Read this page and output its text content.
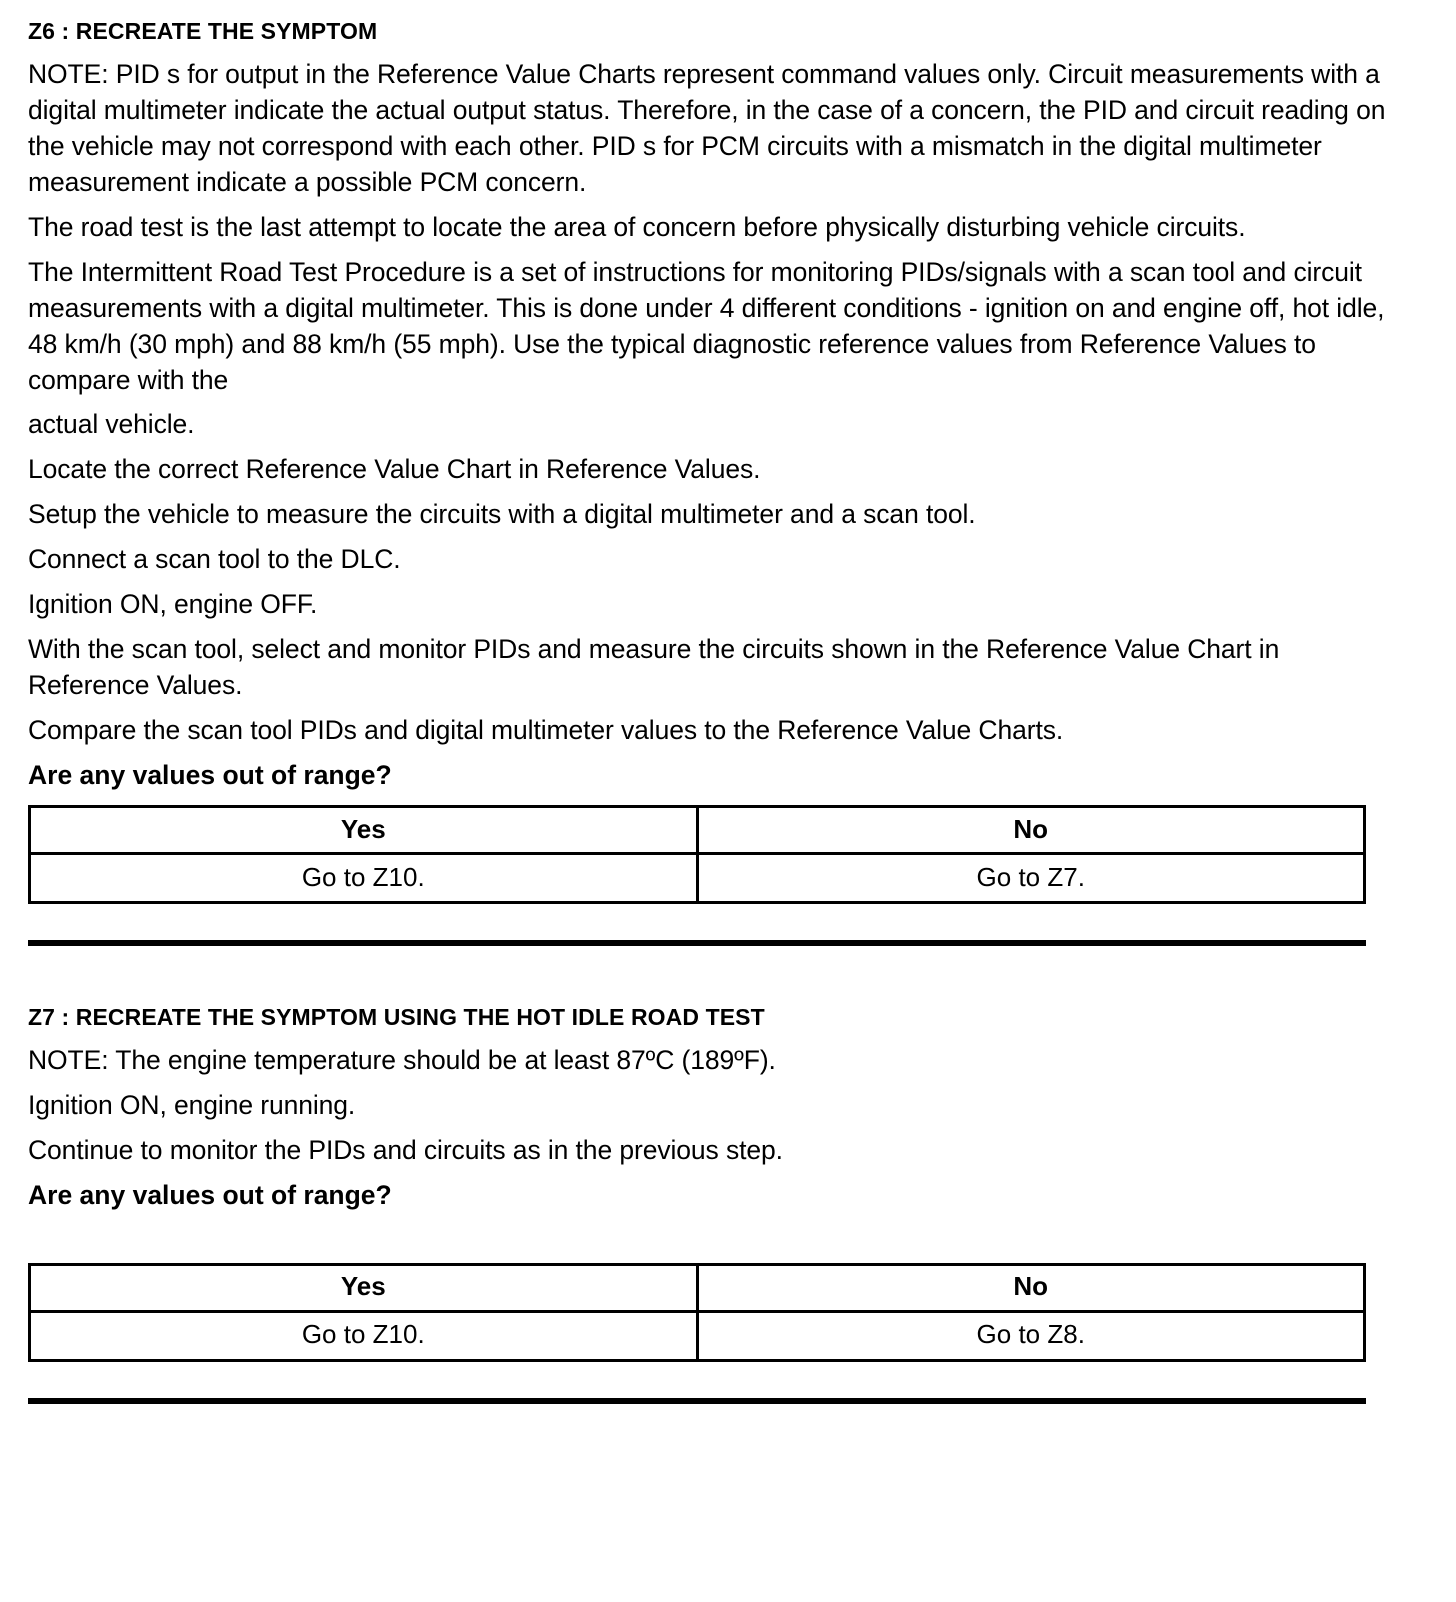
Z6 : RECREATE THE SYMPTOM

NOTE: PID s for output in the Reference Value Charts represent command values only. Circuit measurements with a digital multimeter indicate the actual output status. Therefore, in the case of a concern, the PID and circuit reading on the vehicle may not correspond with each other. PID s for PCM circuits with a mismatch in the digital multimeter measurement indicate a possible PCM concern.

The road test is the last attempt to locate the area of concern before physically disturbing vehicle circuits.

The Intermittent Road Test Procedure is a set of instructions for monitoring PIDs/signals with a scan tool and circuit measurements with a digital multimeter. This is done under 4 different conditions - ignition on and engine off, hot idle, 48 km/h (30 mph) and 88 km/h (55 mph). Use the typical diagnostic reference values from Reference Values to compare with the

actual vehicle.

Locate the correct Reference Value Chart in Reference Values.

Setup the vehicle to measure the circuits with a digital multimeter and a scan tool.

Connect a scan tool to the DLC.

Ignition ON, engine OFF.

With the scan tool, select and monitor PIDs and measure the circuits shown in the Reference Value Chart in Reference Values.

Compare the scan tool PIDs and digital multimeter values to the Reference Value Charts.

Are any values out of range?

Yes	No
Go to Z10.	Go to Z7.
Z7 : RECREATE THE SYMPTOM USING THE HOT IDLE ROAD TEST

NOTE: The engine temperature should be at least 87ºC (189ºF).

Ignition ON, engine running.

Continue to monitor the PIDs and circuits as in the previous step.

Are any values out of range?

Yes	No
Go to Z10.	Go to Z8.
